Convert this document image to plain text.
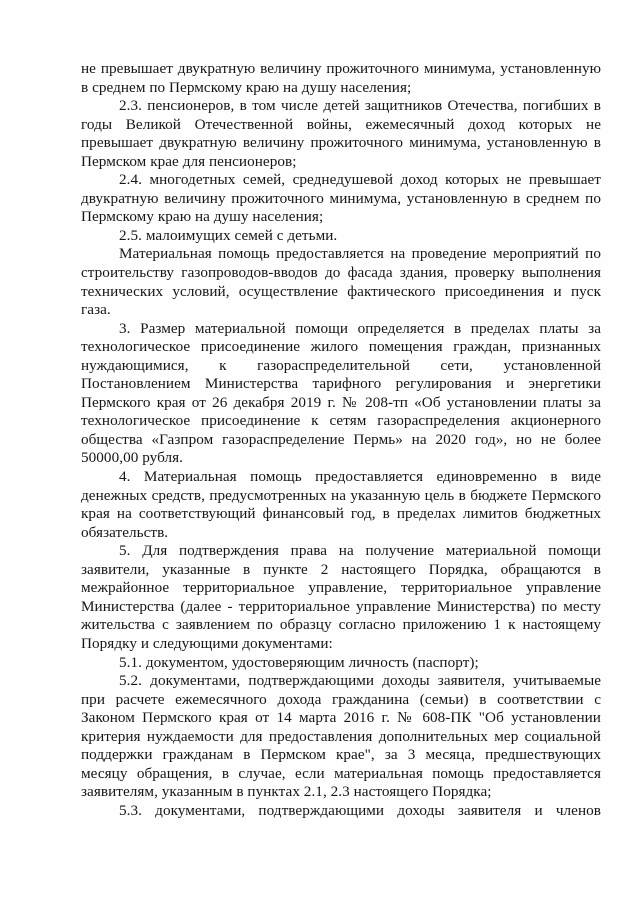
не превышает двукратную величину прожиточного минимума, установленную в среднем по Пермскому краю на душу населения;

2.3. пенсионеров, в том числе детей защитников Отечества, погибших в годы Великой Отечественной войны, ежемесячный доход которых не превышает двукратную величину прожиточного минимума, установленную в Пермском крае для пенсионеров;

2.4. многодетных семей, среднедушевой доход которых не превышает двукратную величину прожиточного минимума, установленную в среднем по Пермскому краю на душу населения;

2.5. малоимущих семей с детьми.

Материальная помощь предоставляется на проведение мероприятий по строительству газопроводов-вводов до фасада здания, проверку выполнения технических условий, осуществление фактического присоединения и пуск газа.

3. Размер материальной помощи определяется в пределах платы за технологическое присоединение жилого помещения граждан, признанных нуждающимися, к газораспределительной сети, установленной Постановлением Министерства тарифного регулирования и энергетики Пермского края от 26 декабря 2019 г. № 208-тп «Об установлении платы за технологическое присоединение к сетям газораспределения акционерного общества «Газпром газораспределение Пермь» на 2020 год», но не более 50000,00 рубля.

4. Материальная помощь предоставляется единовременно в виде денежных средств, предусмотренных на указанную цель в бюджете Пермского края на соответствующий финансовый год, в пределах лимитов бюджетных обязательств.

5. Для подтверждения права на получение материальной помощи заявители, указанные в пункте 2 настоящего Порядка, обращаются в межрайонное территориальное управление, территориальное управление Министерства (далее - территориальное управление Министерства) по месту жительства с заявлением по образцу согласно приложению 1 к настоящему Порядку и следующими документами:

5.1. документом, удостоверяющим личность (паспорт);

5.2. документами, подтверждающими доходы заявителя, учитываемые при расчете ежемесячного дохода гражданина (семьи) в соответствии с Законом Пермского края от 14 марта 2016 г. № 608-ПК "Об установлении критерия нуждаемости для предоставления дополнительных мер социальной поддержки гражданам в Пермском крае", за 3 месяца, предшествующих месяцу обращения, в случае, если материальная помощь предоставляется заявителям, указанным в пунктах 2.1, 2.3 настоящего Порядка;

5.3. документами, подтверждающими доходы заявителя и членов
